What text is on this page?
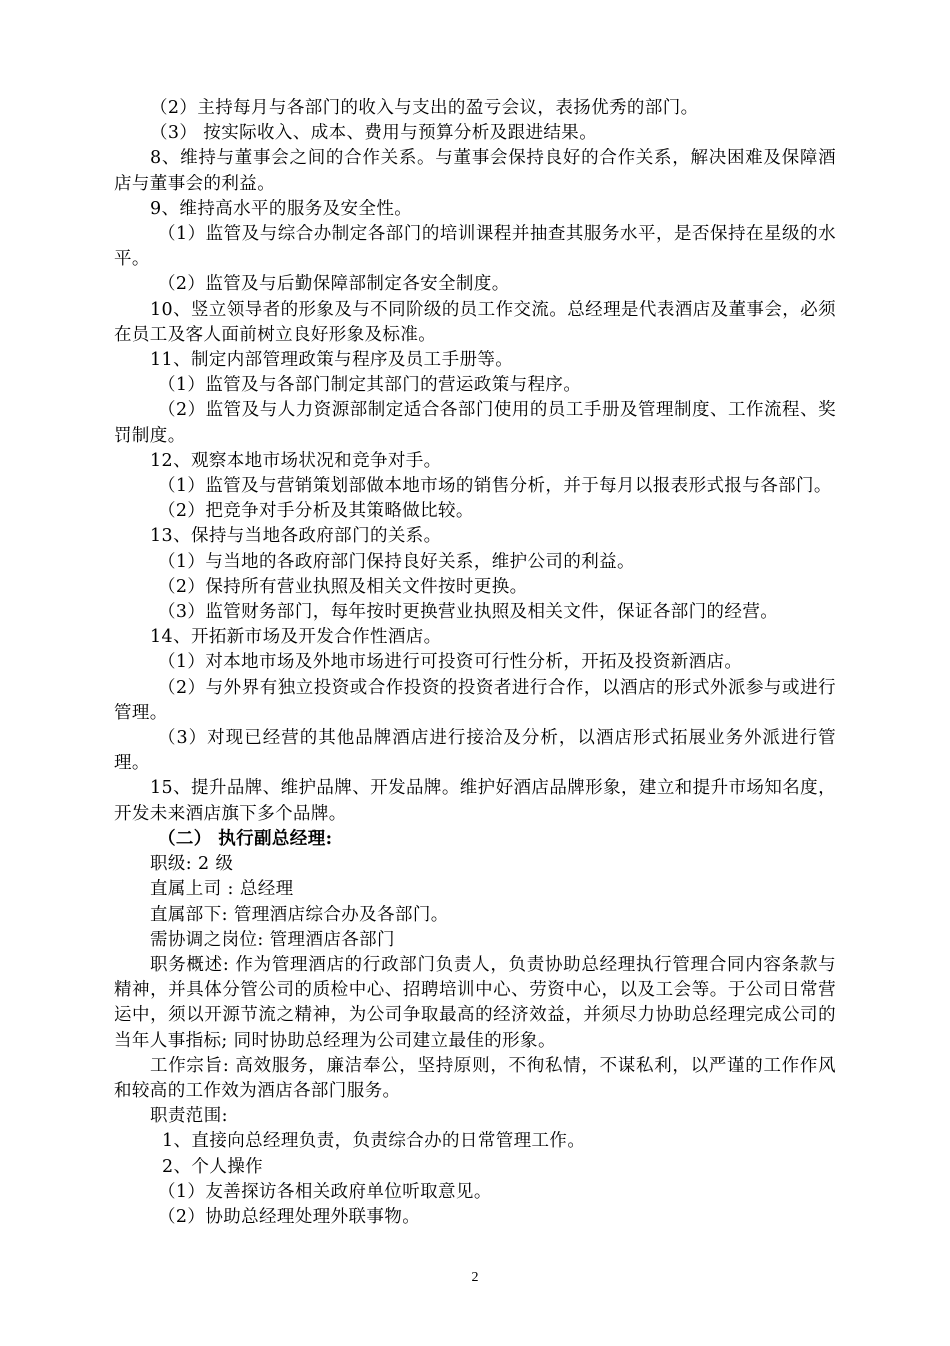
（2）主持每月与各部门的收入与支出的盈亏会议，表扬优秀的部门。

（3） 按实际收入、成本、费用与预算分析及跟进结果。

8、维持与董事会之间的合作关系。与董事会保持良好的合作关系，解决困难及保障酒店与董事会的利益。

9、维持高水平的服务及安全性。

（1）监管及与综合办制定各部门的培训课程并抽查其服务水平，是否保持在星级的水平。

（2）监管及与后勤保障部制定各安全制度。

10、竖立领导者的形象及与不同阶级的员工作交流。总经理是代表酒店及董事会，必须在员工及客人面前树立良好形象及标准。

11、制定内部管理政策与程序及员工手册等。

（1）监管及与各部门制定其部门的营运政策与程序。

（2）监管及与人力资源部制定适合各部门使用的员工手册及管理制度、工作流程、奖罚制度。

12、观察本地市场状况和竞争对手。

（1）监管及与营销策划部做本地市场的销售分析，并于每月以报表形式报与各部门。

（2）把竞争对手分析及其策略做比较。

13、保持与当地各政府部门的关系。

（1）与当地的各政府部门保持良好关系，维护公司的利益。

（2）保持所有营业执照及相关文件按时更换。

（3）监管财务部门，每年按时更换营业执照及相关文件，保证各部门的经营。

14、开拓新市场及开发合作性酒店。

（1）对本地市场及外地市场进行可投资可行性分析，开拓及投资新酒店。

（2）与外界有独立投资或合作投资的投资者进行合作，以酒店的形式外派参与或进行管理。

（3）对现已经营的其他品牌酒店进行接洽及分析，以酒店形式拓展业务外派进行管理。

15、提升品牌、维护品牌、开发品牌。维护好酒店品牌形象，建立和提升市场知名度，开发未来酒店旗下多个品牌。

（二） 执行副总经理:

职级: 2 级

直属上司 : 总经理

直属部下: 管理酒店综合办及各部门。

需协调之岗位: 管理酒店各部门

职务概述: 作为管理酒店的行政部门负责人，负责协助总经理执行管理合同内容条款与精神，并具体分管公司的质检中心、招聘培训中心、劳资中心，以及工会等。于公司日常营运中，须以开源节流之精神，为公司争取最高的经济效益，并须尽力协助总经理完成公司的当年人事指标; 同时协助总经理为公司建立最佳的形象。

工作宗旨: 高效服务，廉洁奉公，坚持原则，不徇私情，不谋私利，以严谨的工作作风和较高的工作效为酒店各部门服务。

职责范围:

1、直接向总经理负责，负责综合办的日常管理工作。

2、个人操作

（1）友善探访各相关政府单位听取意见。

（2）协助总经理处理外联事物。

2
